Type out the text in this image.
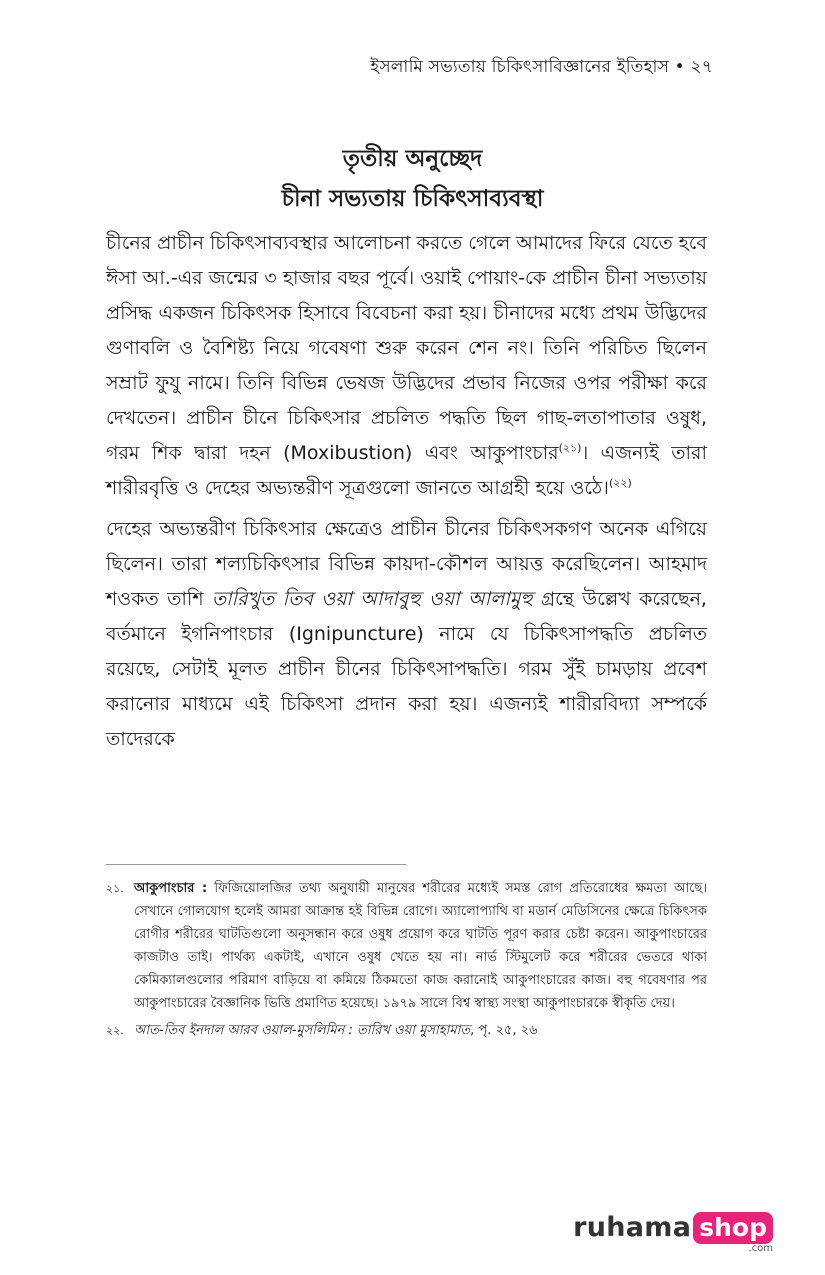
ইসলামি সভ্যতায় চিকিৎসাবিজ্ঞানের ইতিহাস • ২৭
তৃতীয় অনুচ্ছেদ
চীনা সভ্যতায় চিকিৎসাব্যবস্থা

চীনের প্রাচীন চিকিৎসাব্যবস্থার আলোচনা করতে গেলে আমাদের ফিরে যেতে হবে ঈসা আ.-এর জন্মের ৩ হাজার বছর পূর্বে। ওয়াই পোয়াং-কে প্রাচীন চীনা সভ্যতায় প্রসিদ্ধ একজন চিকিৎসক হিসাবে বিবেচনা করা হয়। চীনাদের মধ্যে প্রথম উদ্ভিদের গুণাবলি ও বৈশিষ্ট্য নিয়ে গবেষণা শুরু করেন শেন নং। তিনি পরিচিত ছিলেন সম্রাট ফুযু নামে। তিনি বিভিন্ন ভেষজ উদ্ভিদের প্রভাব নিজের ওপর পরীক্ষা করে দেখতেন। প্রাচীন চীনে চিকিৎসার প্রচলিত পদ্ধতি ছিল গাছ-লতাপাতার ওষুধ, গরম শিক দ্বারা দহন (Moxibustion) এবং আকুপাংচার$^{(২১)}$। এজন্যই তারা শারীরবৃত্তি ও দেহের অভ্যন্তরীণ সূত্রগুলো জানতে আগ্রহী হয়ে ওঠে।$^{(২২)}$

দেহের অভ্যন্তরীণ চিকিৎসার ক্ষেত্রেও প্রাচীন চীনের চিকিৎসকগণ অনেক এগিয়ে ছিলেন। তারা শল্যচিকিৎসার বিভিন্ন কায়দা-কৌশল আয়ত্ত করেছিলেন। আহমাদ শওকত তাশি তারিখুত তিব ওয়া আদাবুহু ওয়া আলামুহু গ্রন্থে উল্লেখ করেছেন, বর্তমানে ইগনিপাংচার (Ignipuncture) নামে যে চিকিৎসাপদ্ধতি প্রচলিত রয়েছে, সেটাই মূলত প্রাচীন চীনের চিকিৎসাপদ্ধতি। গরম সুঁই চামড়ায় প্রবেশ করানোর মাধ্যমে এই চিকিৎসা প্রদান করা হয়। এজন্যই শারীরবিদ্যা সম্পর্কে তাদেরকে

২১. আকুপাংচার : ফিজিয়োলজির তথ্য অনুযায়ী মানুষের শরীরের মধ্যেই সমস্ত রোগ প্রতিরোধের ক্ষমতা আছে। সেখানে গোলযোগ হলেই আমরা আক্রান্ত হই বিভিন্ন রোগে। অ্যালোপ্যাথি বা মডার্ন মেডিসিনের ক্ষেত্রে চিকিৎসক রোগীর শরীরের ঘাটতিগুলো অনুসন্ধান করে ওষুধ প্রয়োগ করে ঘাটতি পূরণ করার চেষ্টা করেন। আকুপাংচারের কাজটাও তাই। পার্থক্য একটাই, এখানে ওষুধ খেতে হয় না। নার্ভ স্টিমুলেট করে শরীরের ভেতরে থাকা কেমিক্যালগুলোর পরিমাণ বাড়িয়ে বা কমিয়ে ঠিকমতো কাজ করানোই আকুপাংচারের কাজ। বহু গবেষণার পর আকুপাংচারের বৈজ্ঞানিক ভিত্তি প্রমাণিত হয়েছে। ১৯৭৯ সালে বিশ্ব স্বাস্থ্য সংস্থা আকুপাংচারকে স্বীকৃতি দেয়।
২২. আত-তিব ইনদাল আরব ওয়াল-মুসলিমিন : তারিখ ওয়া মুসাহামাত, পৃ. ২৫, ২৬
ruhama shop
.com
